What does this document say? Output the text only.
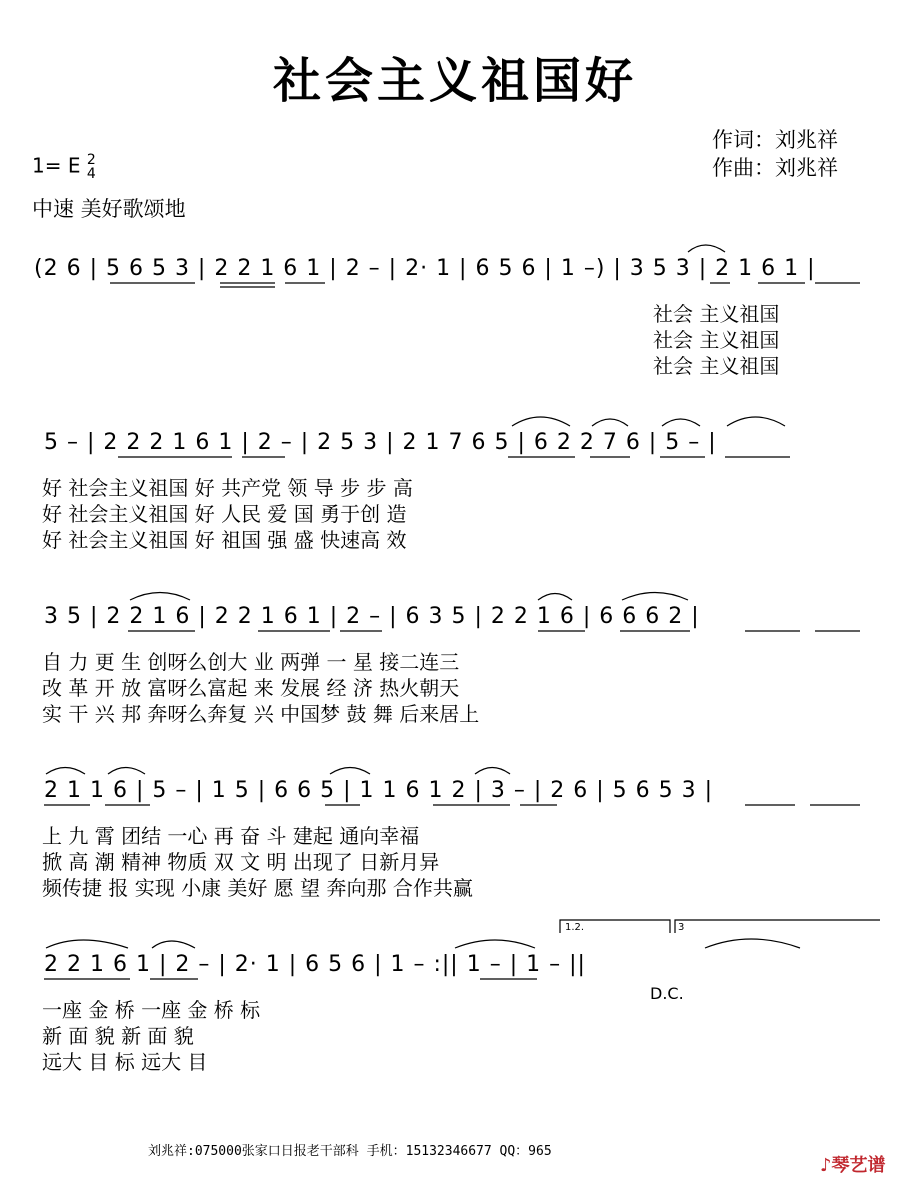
社会主义祖国好
作词：刘兆祥
作曲：刘兆祥
1= E 2
4
中速 美好歌颂地
(2 6 | 5 6 5 3 | 2 2 1 6 1 | 2 – | 2· 1 | 6 5 6 | 1 –) | 3 5 3 | 2 1 6 1 |
社会 主义祖国
社会 主义祖国
社会 主义祖国
5 – | 2 2 2 1 6 1 | 2 – | 2 5 3 | 2 1 7 6 5 | 6 2 2 7 6 | 5 – |
好 社会主义祖国 好 共产党 领 导 步 步 高
好 社会主义祖国 好 人民 爱 国 勇于创 造
好 社会主义祖国 好 祖国 强 盛 快速高 效
3 5 | 2 2 1 6 | 2 2 1 6 1 | 2 – | 6 3 5 | 2 2 1 6 | 6 6 6 2 |
自 力 更 生 创呀么创大 业 两弹 一 星 接二连三
改 革 开 放 富呀么富起 来 发展 经 济 热火朝天
实 干 兴 邦 奔呀么奔复 兴 中国梦 鼓 舞 后来居上
2 1 1 6 | 5 – | 1 5 | 6 6 5 | 1 1 6 1 2 | 3 – | 2 6 | 5 6 5 3 |
上 九 霄 团结 一心 再 奋 斗 建起 通向幸福
掀 高 潮 精神 物质 双 文 明 出现了 日新月异
频传捷 报 实现 小康 美好 愿 望 奔向那 合作共赢
1.2.	3
2 2 1 6 1 | 2 – | 2· 1 | 6 5 6 | 1 – :|| 1 – | 1 – ||
D.C.
一座 金 桥 一座 金 桥 标
新 面 貌 新 面 貌
远大 目 标 远大 目
刘兆祥:075000张家口日报老干部科 手机：15132346677 QQ：965
♪琴艺谱
